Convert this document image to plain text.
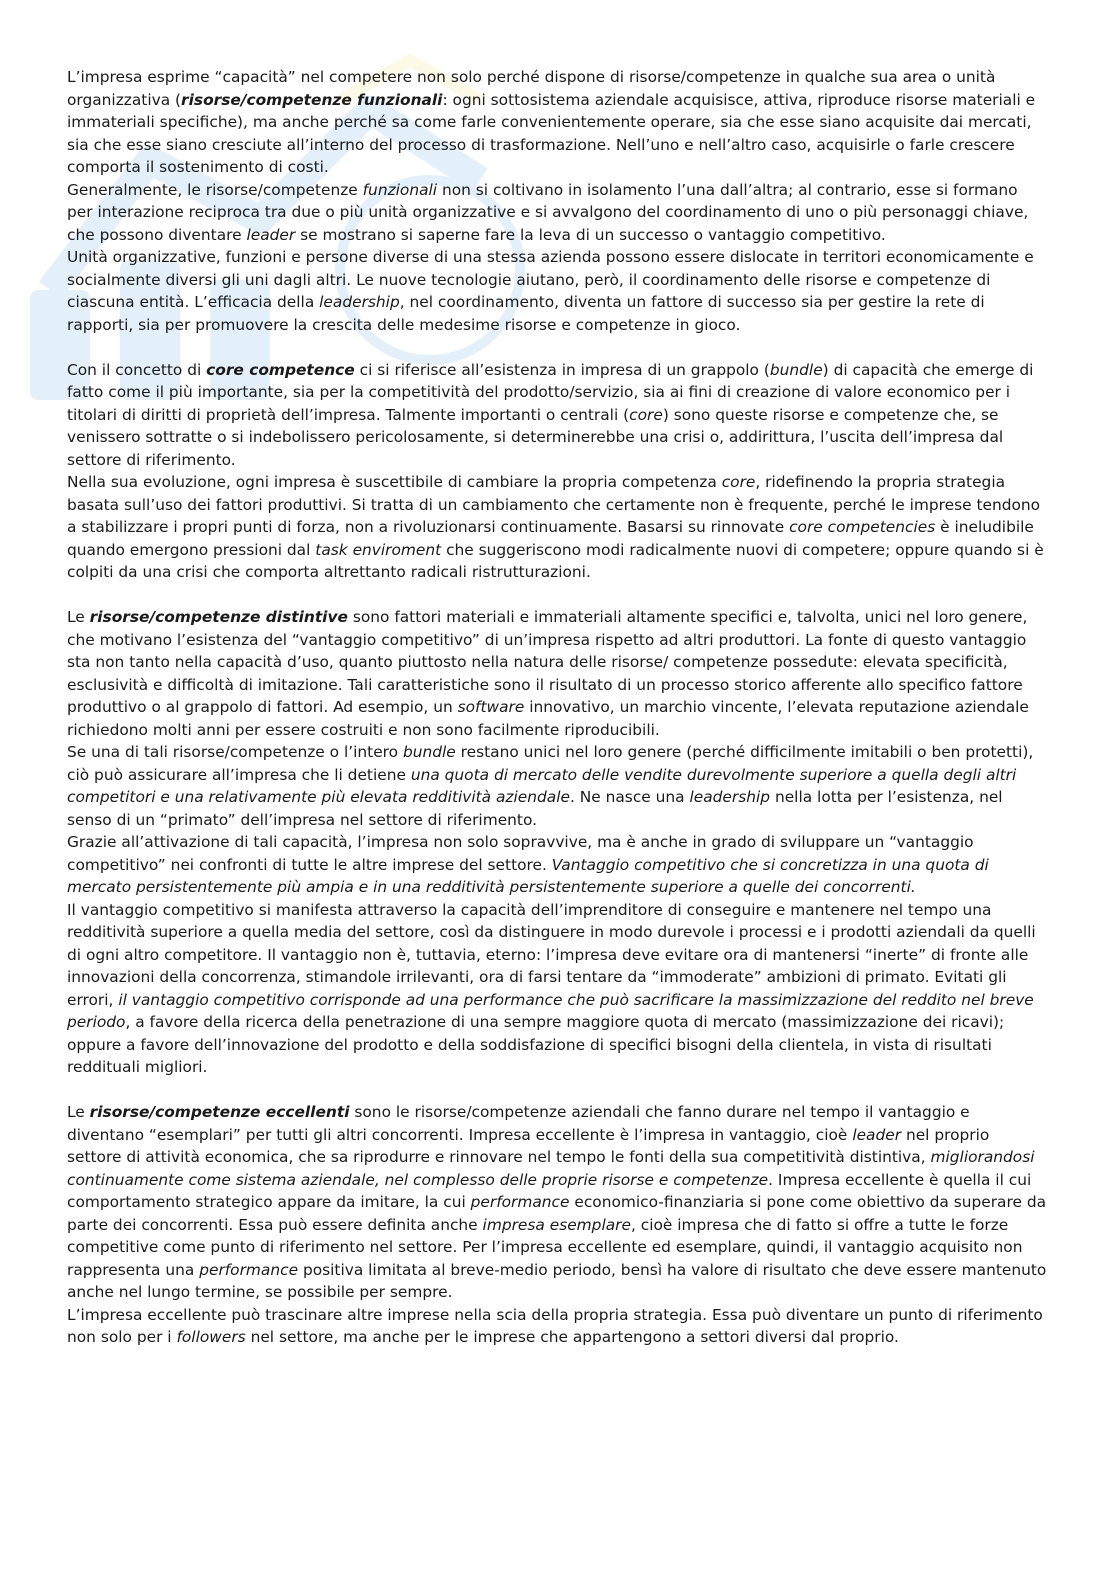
L’impresa esprime “capacità” nel competere non solo perché dispone di risorse/competenze in qualche sua area o unità organizzativa (risorse/competenze funzionali: ogni sottosistema aziendale acquisisce, attiva, riproduce risorse materiali e immateriali specifiche), ma anche perché sa come farle convenientemente operare, sia che esse siano acquisite dai mercati, sia che esse siano cresciute all’interno del processo di trasformazione. Nell’uno e nell’altro caso, acquisirle o farle crescere comporta il sostenimento di costi.

Generalmente, le risorse/competenze funzionali non si coltivano in isolamento l’una dall’altra; al contrario, esse si formano per interazione reciproca tra due o più unità organizzative e si avvalgono del coordinamento di uno o più personaggi chiave, che possono diventare leader se mostrano si saperne fare la leva di un successo o vantaggio competitivo.

Unità organizzative, funzioni e persone diverse di una stessa azienda possono essere dislocate in territori economicamente e socialmente diversi gli uni dagli altri. Le nuove tecnologie aiutano, però, il coordinamento delle risorse e competenze di ciascuna entità. L’efficacia della leadership, nel coordinamento, diventa un fattore di successo sia per gestire la rete di rapporti, sia per promuovere la crescita delle medesime risorse e competenze in gioco.

Con il concetto di core competence ci si riferisce all’esistenza in impresa di un grappolo (bundle) di capacità che emerge di fatto come il più importante, sia per la competitività del prodotto/servizio, sia ai fini di creazione di valore economico per i titolari di diritti di proprietà dell’impresa. Talmente importanti o centrali (core) sono queste risorse e competenze che, se venissero sottratte o si indebolissero pericolosamente, si determinerebbe una crisi o, addirittura, l’uscita dell’impresa dal settore di riferimento.

Nella sua evoluzione, ogni impresa è suscettibile di cambiare la propria competenza core, ridefinendo la propria strategia basata sull’uso dei fattori produttivi. Si tratta di un cambiamento che certamente non è frequente, perché le imprese tendono a stabilizzare i propri punti di forza, non a rivoluzionarsi continuamente. Basarsi su rinnovate core competencies è ineludibile quando emergono pressioni dal task enviroment che suggeriscono modi radicalmente nuovi di competere; oppure quando si è colpiti da una crisi che comporta altrettanto radicali ristrutturazioni.

Le risorse/competenze distintive sono fattori materiali e immateriali altamente specifici e, talvolta, unici nel loro genere, che motivano l’esistenza del “vantaggio competitivo” di un’impresa rispetto ad altri produttori. La fonte di questo vantaggio sta non tanto nella capacità d’uso, quanto piuttosto nella natura delle risorse/ competenze possedute: elevata specificità, esclusività e difficoltà di imitazione. Tali caratteristiche sono il risultato di un processo storico afferente allo specifico fattore produttivo o al grappolo di fattori. Ad esempio, un software innovativo, un marchio vincente, l’elevata reputazione aziendale richiedono molti anni per essere costruiti e non sono facilmente riproducibili.

Se una di tali risorse/competenze o l’intero bundle restano unici nel loro genere (perché difficilmente imitabili o ben protetti), ciò può assicurare all’impresa che li detiene una quota di mercato delle vendite durevolmente superiore a quella degli altri competitori e una relativamente più elevata redditività aziendale. Ne nasce una leadership nella lotta per l’esistenza, nel senso di un “primato” dell’impresa nel settore di riferimento.

Grazie all’attivazione di tali capacità, l’impresa non solo sopravvive, ma è anche in grado di sviluppare un “vantaggio competitivo” nei confronti di tutte le altre imprese del settore. Vantaggio competitivo che si concretizza in una quota di mercato persistentemente più ampia e in una redditività persistentemente superiore a quelle dei concorrenti.

Il vantaggio competitivo si manifesta attraverso la capacità dell’imprenditore di conseguire e mantenere nel tempo una redditività superiore a quella media del settore, così da distinguere in modo durevole i processi e i prodotti aziendali da quelli di ogni altro competitore. Il vantaggio non è, tuttavia, eterno: l’impresa deve evitare ora di mantenersi “inerte” di fronte alle innovazioni della concorrenza, stimandole irrilevanti, ora di farsi tentare da “immoderate” ambizioni di primato. Evitati gli errori, il vantaggio competitivo corrisponde ad una performance che può sacrificare la massimizzazione del reddito nel breve periodo, a favore della ricerca della penetrazione di una sempre maggiore quota di mercato (massimizzazione dei ricavi); oppure a favore dell’innovazione del prodotto e della soddisfazione di specifici bisogni della clientela, in vista di risultati reddituali migliori.

Le risorse/competenze eccellenti sono le risorse/competenze aziendali che fanno durare nel tempo il vantaggio e diventano “esemplari” per tutti gli altri concorrenti. Impresa eccellente è l’impresa in vantaggio, cioè leader nel proprio settore di attività economica, che sa riprodurre e rinnovare nel tempo le fonti della sua competitività distintiva, migliorandosi continuamente come sistema aziendale, nel complesso delle proprie risorse e competenze. Impresa eccellente è quella il cui comportamento strategico appare da imitare, la cui performance economico-finanziaria si pone come obiettivo da superare da parte dei concorrenti. Essa può essere definita anche impresa esemplare, cioè impresa che di fatto si offre a tutte le forze competitive come punto di riferimento nel settore. Per l’impresa eccellente ed esemplare, quindi, il vantaggio acquisito non rappresenta una performance positiva limitata al breve-medio periodo, bensì ha valore di risultato che deve essere mantenuto anche nel lungo termine, se possibile per sempre.

L’impresa eccellente può trascinare altre imprese nella scia della propria strategia. Essa può diventare un punto di riferimento non solo per i followers nel settore, ma anche per le imprese che appartengono a settori diversi dal proprio.
